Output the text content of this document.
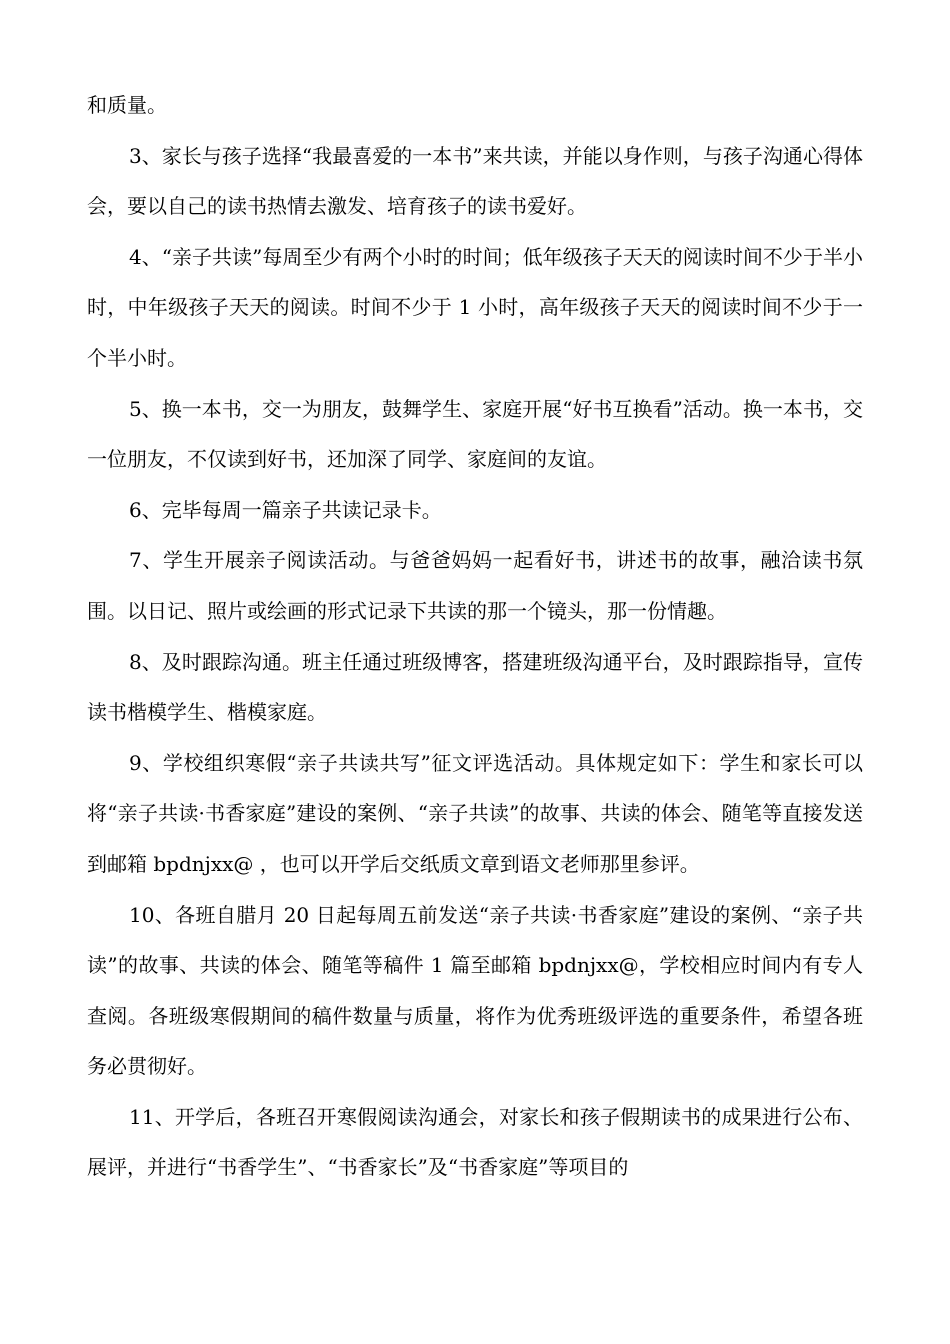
和质量。

3、家长与孩子选择“我最喜爱的一本书”来共读，并能以身作则，与孩子沟通心得体会，要以自己的读书热情去激发、培育孩子的读书爱好。

4、“亲子共读”每周至少有两个小时的时间；低年级孩子天天的阅读时间不少于半小时，中年级孩子天天的阅读。时间不少于 1 小时，高年级孩子天天的阅读时间不少于一个半小时。

5、换一本书，交一为朋友，鼓舞学生、家庭开展“好书互换看”活动。换一本书，交一位朋友，不仅读到好书，还加深了同学、家庭间的友谊。

6、完毕每周一篇亲子共读记录卡。

7、学生开展亲子阅读活动。与爸爸妈妈一起看好书，讲述书的故事，融洽读书氛围。以日记、照片或绘画的形式记录下共读的那一个镜头，那一份情趣。

8、及时跟踪沟通。班主任通过班级博客，搭建班级沟通平台，及时跟踪指导，宣传读书楷模学生、楷模家庭。

9、学校组织寒假“亲子共读共写”征文评选活动。具体规定如下：学生和家长可以将“亲子共读·书香家庭”建设的案例、“亲子共读”的故事、共读的体会、随笔等直接发送到邮箱 bpdnjxx@ ，也可以开学后交纸质文章到语文老师那里参评。

10、各班自腊月 20 日起每周五前发送“亲子共读·书香家庭”建设的案例、“亲子共读”的故事、共读的体会、随笔等稿件 1 篇至邮箱 bpdnjxx@，学校相应时间内有专人查阅。各班级寒假期间的稿件数量与质量，将作为优秀班级评选的重要条件，希望各班务必贯彻好。

11、开学后，各班召开寒假阅读沟通会，对家长和孩子假期读书的成果进行公布、展评，并进行“书香学生”、“书香家长”及“书香家庭”等项目的
